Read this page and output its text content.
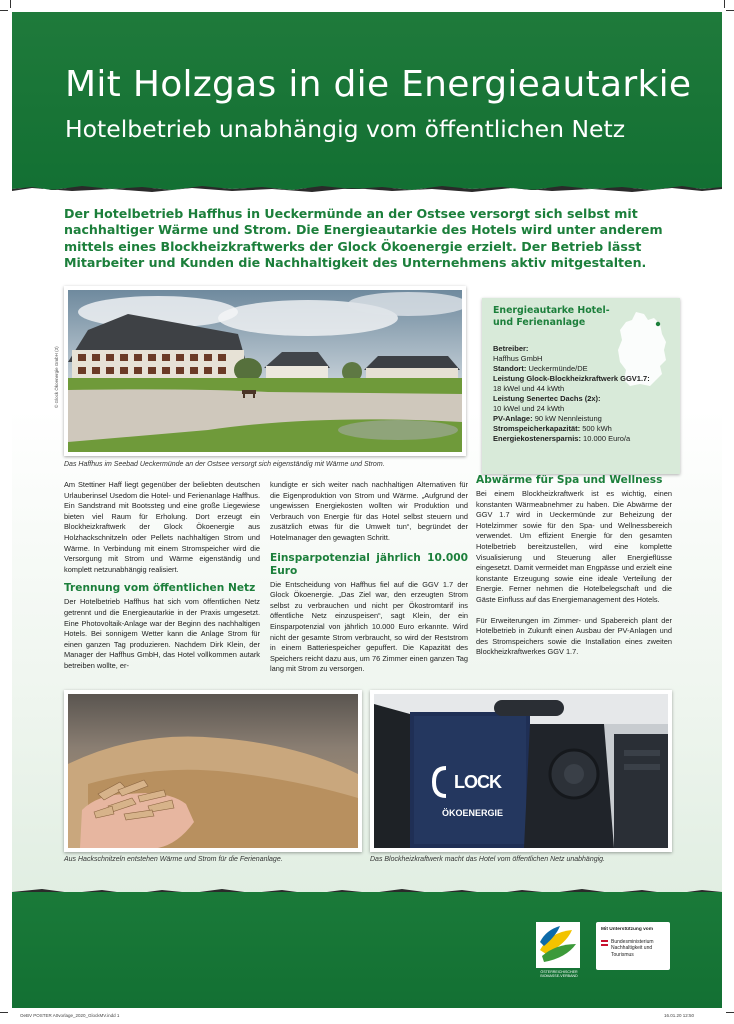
Mit Holzgas in die Energieautarkie
Hotelbetrieb unabhängig vom öffentlichen Netz

Der Hotelbetrieb Haffhus in Ueckermünde an der Ostsee versorgt sich selbst mit nachhaltiger Wärme und Strom. Die Energieautarkie des Hotels wird unter anderem mittels eines Blockheizkraftwerks der Glock Ökoenergie erzielt. Der Betrieb lässt Mitarbeiter und Kunden die Nachhaltigkeit des Unternehmens aktiv mitgestalten.

© Glock Ökoenergie GmbH (3)

Das Haffhus im Seebad Ueckermünde an der Ostsee versorgt sich eigenständig mit Wärme und Strom.

Energieautarke Hotel- und Ferienanlage
Betreiber:
Haffhus GmbH
Standort: Ueckermünde/DE
Leistung Glock-Blockheizkraftwerk GGV1.7:
18 kWel und 44 kWth
Leistung Senertec Dachs (2x):
10 kWel und 24 kWth
PV-Anlage: 90 kW Nennleistung
Stromspeicherkapazität: 500 kWh
Energiekostenersparnis: 10.000 Euro/a

Am Stettiner Haff liegt gegenüber der beliebten deutschen Urlauberinsel Usedom die Hotel- und Ferienanlage Haffhus. Ein Sandstrand mit Bootssteg und eine große Liegewiese bieten viel Raum für Erholung. Dort erzeugt ein Blockheizkraftwerk der Glock Ökoenergie aus Holzhackschnitzeln oder Pellets nachhaltigen Strom und Wärme. In Verbindung mit einem Stromspeicher wird die Versorgung mit Strom und Wärme eigenständig und komplett netzunabhängig realisiert.

Trennung vom öffentlichen Netz

Der Hotelbetrieb Haffhus hat sich vom öffentlichen Netz getrennt und die Energieautarkie in der Praxis umgesetzt. Eine Photovoltaik-Anlage war der Beginn des nachhaltigen Hotels. Bei sonnigem Wetter kann die Anlage Strom für einen ganzen Tag produzieren. Nachdem Dirk Klein, der Manager der Haffhus GmbH, das Hotel vollkommen autark betreiben wollte, er-

kundigte er sich weiter nach nachhaltigen Alternativen für die Eigenproduktion von Strom und Wärme. „Aufgrund der ungewissen Energiekosten wollten wir Produktion und Verbrauch von Energie für das Hotel selbst steuern und zusätzlich etwas für die Umwelt tun“, begründet der Hotelmanager den gewagten Schritt.

Einsparpotenzial jährlich 10.000 Euro

Die Entscheidung von Haffhus fiel auf die GGV 1.7 der Glock Ökoenergie. „Das Ziel war, den erzeugten Strom selbst zu verbrauchen und nicht per Ökostromtarif ins öffentliche Netz einzuspeisen“, sagt Klein, der ein Einsparpotenzial von jährlich 10.000 Euro erkannte. Wird nicht der gesamte Strom verbraucht, so wird der Reststrom in einem Batteriespeicher gepuffert. Die Kapazität des Speichers reicht dazu aus, um 76 Zimmer einen ganzen Tag lang mit Strom zu versorgen.

Abwärme für Spa und Wellness

Bei einem Blockheizkraftwerk ist es wichtig, einen konstanten Wärmeabnehmer zu haben. Die Abwärme der GGV 1.7 wird in Ueckermünde zur Beheizung der Hotelzimmer sowie für den Spa- und Wellnessbereich verwendet. Um effizient Energie für den gesamten Hotelbetrieb bereitzustellen, wird eine komplette Visualisierung und Steuerung aller Energieflüsse eingesetzt. Damit vermeidet man Engpässe und erzielt eine konstante Erzeugung sowie eine ideale Verteilung der Energie. Ferner nehmen die Hotelbelegschaft und die Gäste Einfluss auf das Energiemanagement des Hotels.

Für Erweiterungen im Zimmer- und Spabereich plant der Hotelbetrieb in Zukunft einen Ausbau der PV-Anlagen und des Stromspeichers sowie die Installation eines zweiten Blockheizkraftwerkes GGV 1.7.

Aus Hackschnitzeln entstehen Wärme und Strom für die Ferienanlage.

LOCK
ÖKOENERGIE

Das Blockheizkraftwerk macht das Hotel vom öffentlichen Netz unabhängig.

ÖSTERREICHISCHER BIOMASSE-VERBAND
Mit Unterstützung vom
Bundesministerium Nachhaltigkeit und Tourismus
OeBV POSTER A0vorlage_2020_GlockMV.indd 1	16.01.20 12:50
